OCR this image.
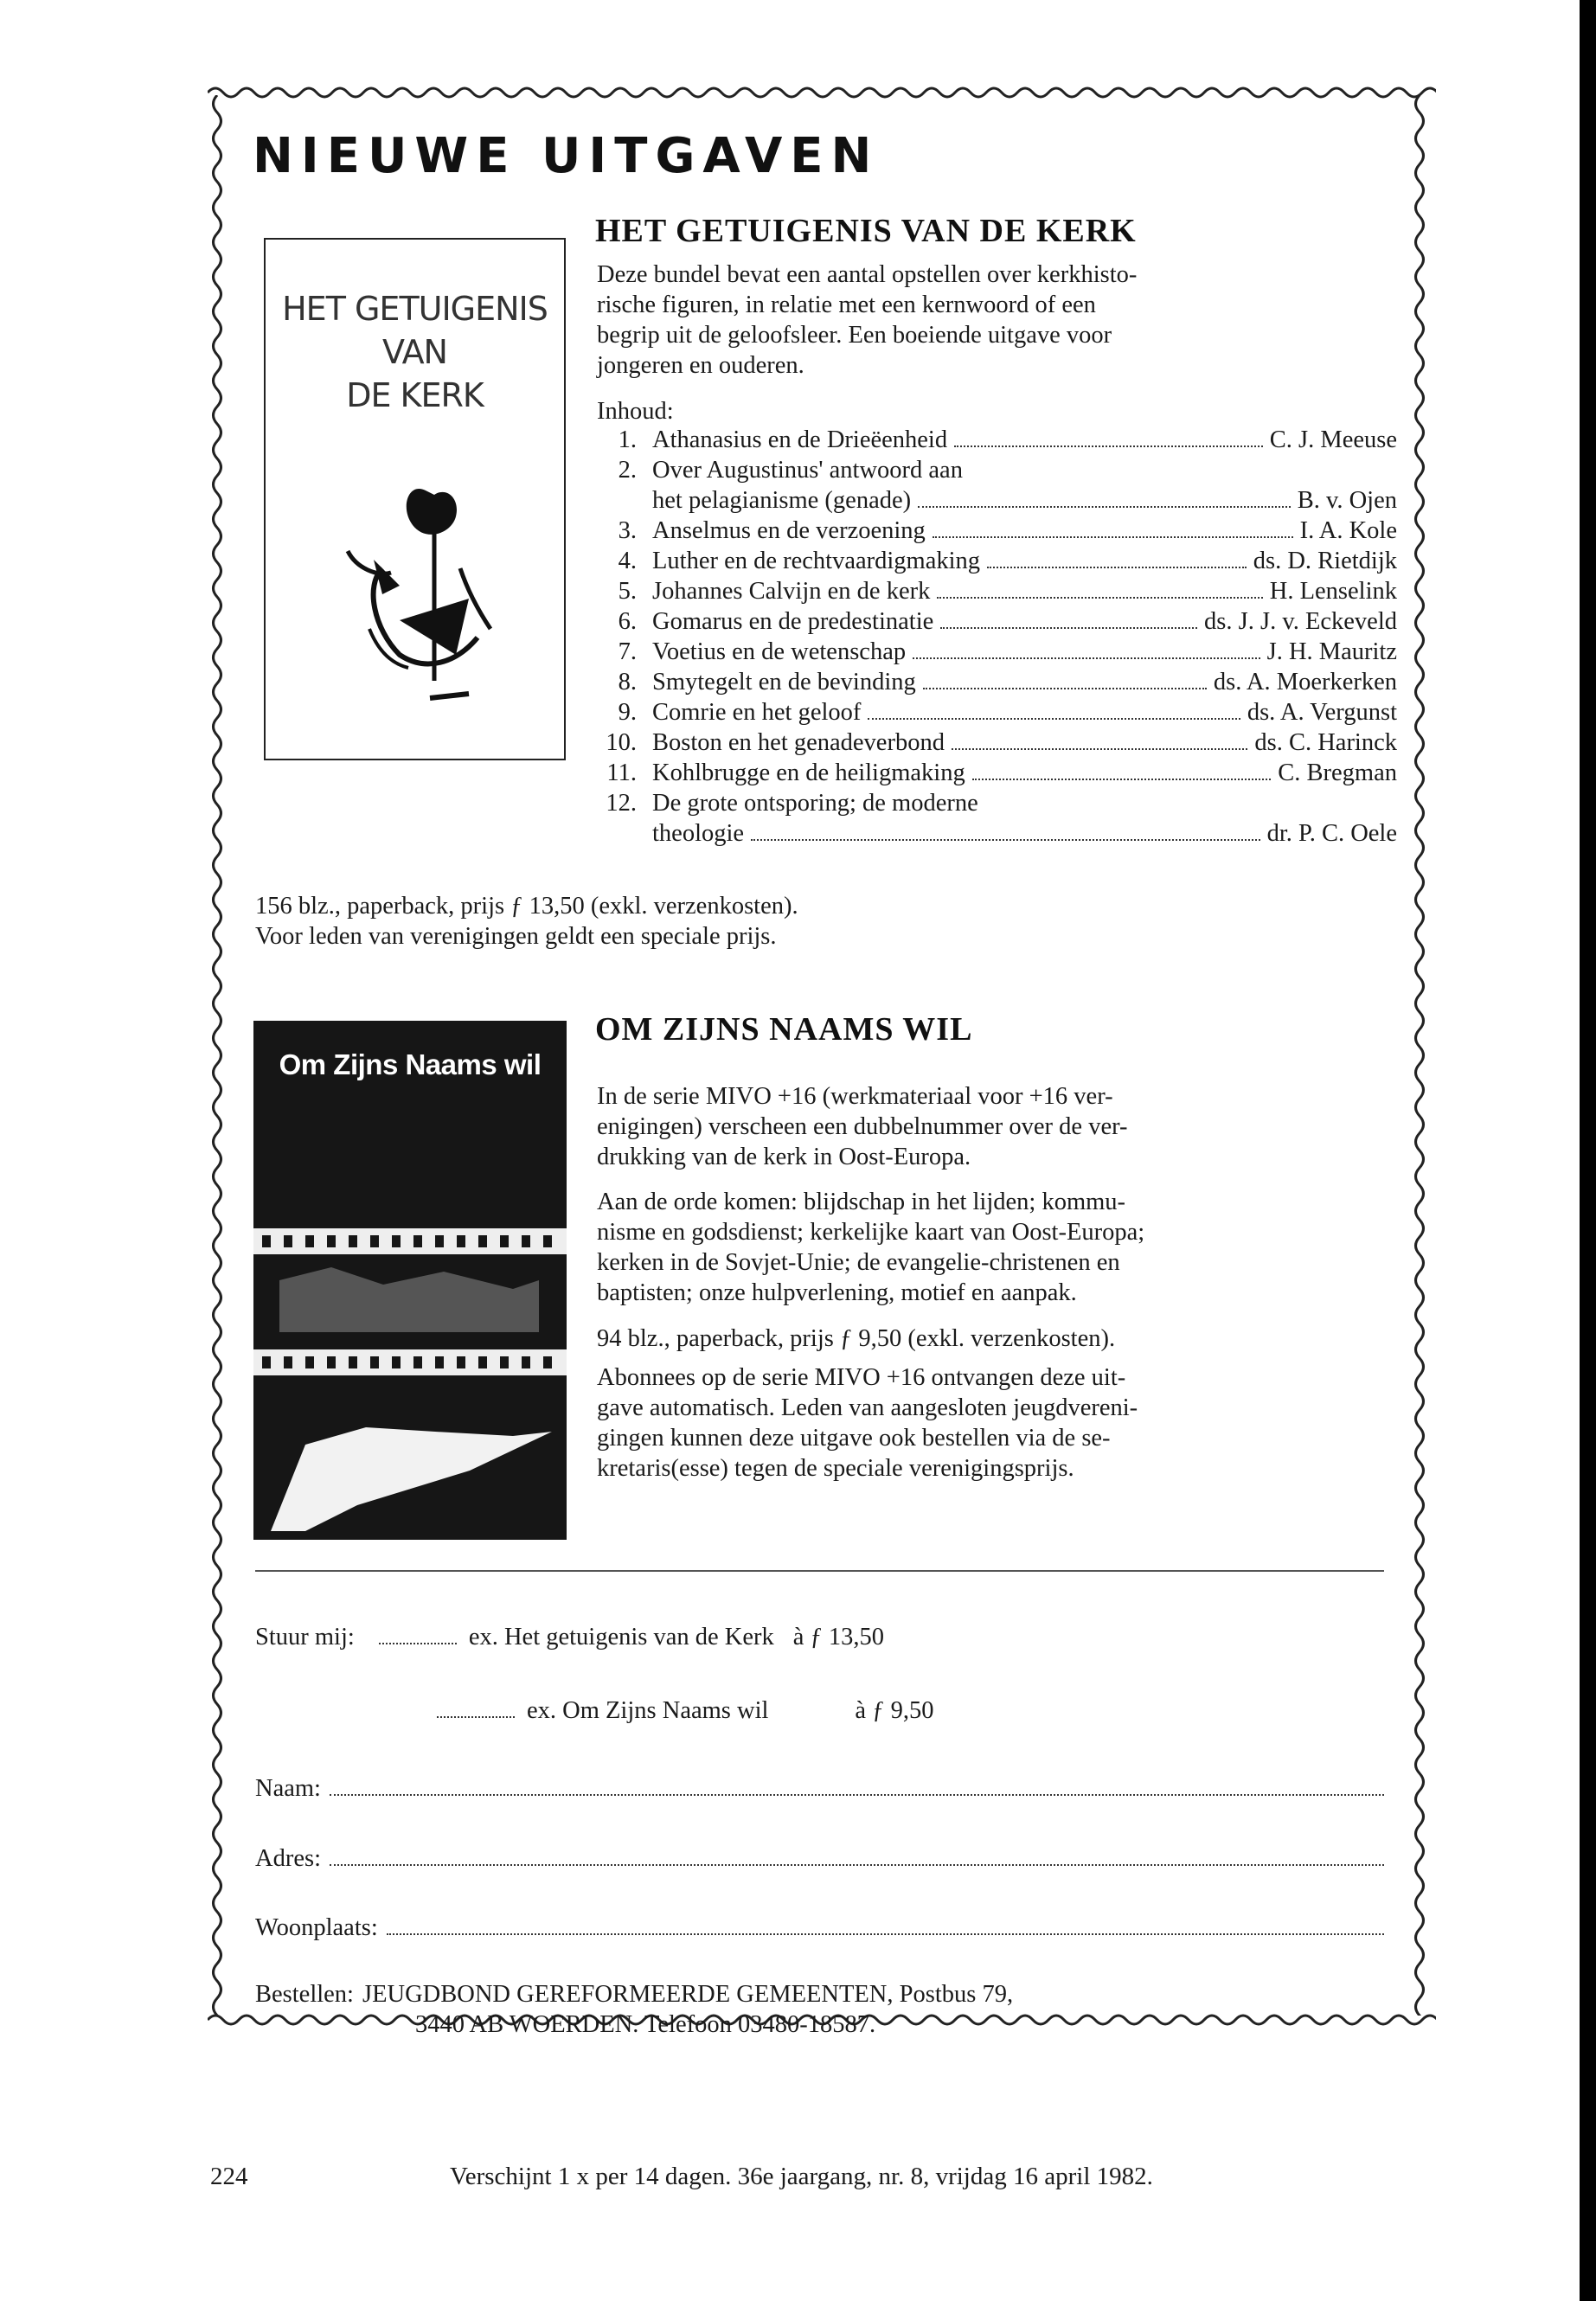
NIEUWE UITGAVEN
HET GETUIGENIS
VAN
DE KERK
HET GETUIGENIS VAN DE KERK
Deze bundel bevat een aantal opstellen over kerkhisto-
rische figuren, in relatie met een kernwoord of een
begrip uit de geloofsleer. Een boeiende uitgave voor
jongeren en ouderen.
Inhoud:
1. Athanasius en de Drieëenheid	C. J. Meeuse
2. Over Augustinus' antwoord aan
het pelagianisme (genade)	B. v. Ojen
3. Anselmus en de verzoening	I. A. Kole
4. Luther en de rechtvaardigmaking	ds. D. Rietdijk
5. Johannes Calvijn en de kerk	H. Lenselink
6. Gomarus en de predestinatie	ds. J. J. v. Eckeveld
7. Voetius en de wetenschap	J. H. Mauritz
8. Smytegelt en de bevinding	ds. A. Moerkerken
9. Comrie en het geloof	ds. A. Vergunst
10. Boston en het genadeverbond	ds. C. Harinck
11. Kohlbrugge en de heiligmaking	C. Bregman
12. De grote ontsporing; de moderne
theologie	dr. P. C. Oele
156 blz., paperback, prijs ƒ 13,50 (exkl. verzenkosten).
Voor leden van verenigingen geldt een speciale prijs.
Om Zijns Naams wil
OM ZIJNS NAAMS WIL
In de serie MIVO +16 (werkmateriaal voor +16 ver-
enigingen) verscheen een dubbelnummer over de ver-
drukking van de kerk in Oost-Europa.
Aan de orde komen: blijdschap in het lijden; kommu-
nisme en godsdienst; kerkelijke kaart van Oost-Europa;
kerken in de Sovjet-Unie; de evangelie-christenen en
baptisten; onze hulpverlening, motief en aanpak.
94 blz., paperback, prijs ƒ 9,50 (exkl. verzenkosten).
Abonnees op de serie MIVO +16 ontvangen deze uit-
gave automatisch. Leden van aangesloten jeugdvereni-
gingen kunnen deze uitgave ook bestellen via de se-
kretaris(esse) tegen de speciale verenigingsprijs.
Stuur mij:	ex. Het getuigenis van de Kerk à ƒ 13,50
ex. Om Zijns Naams wil	à ƒ 9,50
Naam:
Adres:
Woonplaats:
Bestellen: JEUGDBOND GEREFORMEERDE GEMEENTEN, Postbus 79,
3440 AB WOERDEN. Telefoon 03480-18587.
224	Verschijnt 1 x per 14 dagen. 36e jaargang, nr. 8, vrijdag 16 april 1982.
